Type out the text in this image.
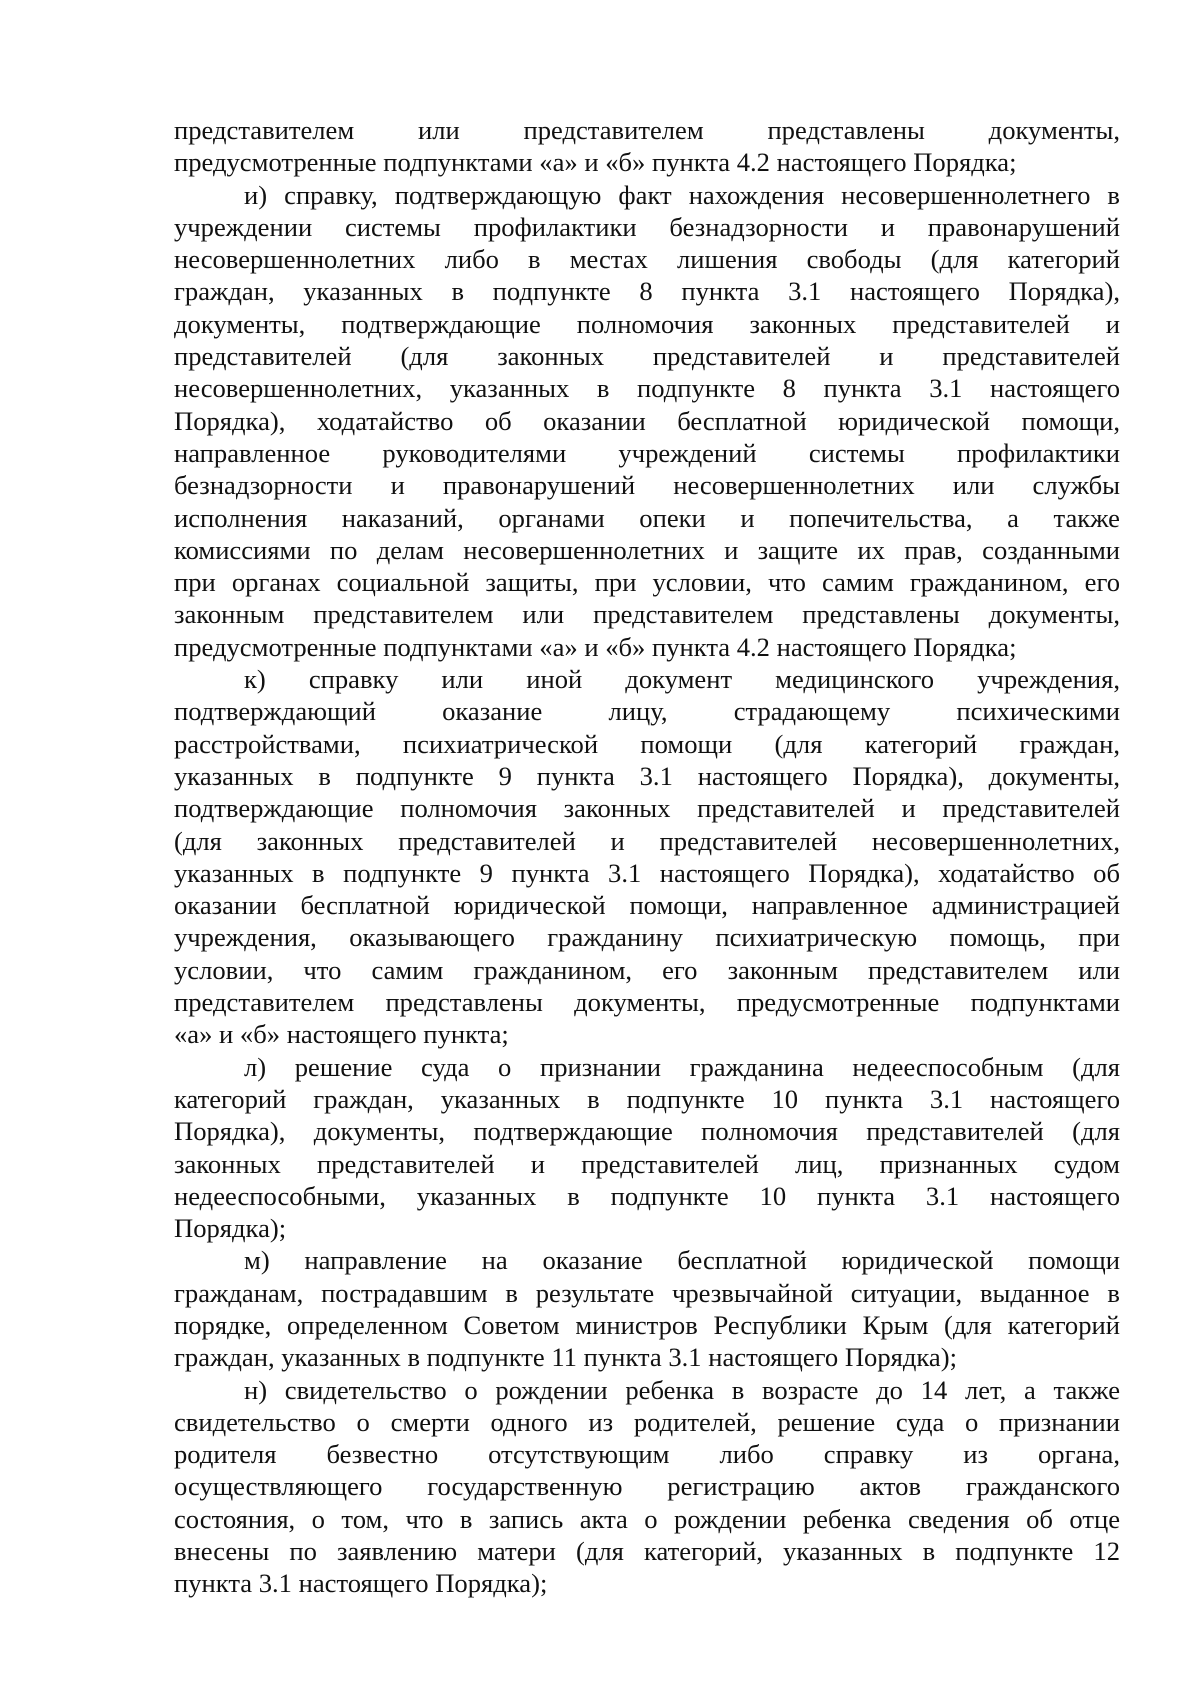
представителем или представителем представлены документы,
предусмотренные подпунктами «а» и «б» пункта 4.2 настоящего Порядка;
и) справку, подтверждающую факт нахождения несовершеннолетнего в
учреждении системы профилактики безнадзорности и правонарушений
несовершеннолетних либо в местах лишения свободы (для категорий
граждан, указанных в подпункте 8 пункта 3.1 настоящего Порядка),
документы, подтверждающие полномочия законных представителей и
представителей (для законных представителей и представителей
несовершеннолетних, указанных в подпункте 8 пункта 3.1 настоящего
Порядка), ходатайство об оказании бесплатной юридической помощи,
направленное руководителями учреждений системы профилактики
безнадзорности и правонарушений несовершеннолетних или службы
исполнения наказаний, органами опеки и попечительства, а также
комиссиями по делам несовершеннолетних и защите их прав, созданными
при органах социальной защиты, при условии, что самим гражданином, его
законным представителем или представителем представлены документы,
предусмотренные подпунктами «а» и «б» пункта 4.2 настоящего Порядка;
к) справку или иной документ медицинского учреждения,
подтверждающий оказание лицу, страдающему психическими
расстройствами, психиатрической помощи (для категорий граждан,
указанных в подпункте 9 пункта 3.1 настоящего Порядка), документы,
подтверждающие полномочия законных представителей и представителей
(для законных представителей и представителей несовершеннолетних,
указанных в подпункте 9 пункта 3.1 настоящего Порядка), ходатайство об
оказании бесплатной юридической помощи, направленное администрацией
учреждения, оказывающего гражданину психиатрическую помощь, при
условии, что самим гражданином, его законным представителем или
представителем представлены документы, предусмотренные подпунктами
«а» и «б» настоящего пункта;
л) решение суда о признании гражданина недееспособным (для
категорий граждан, указанных в подпункте 10 пункта 3.1 настоящего
Порядка), документы, подтверждающие полномочия представителей (для
законных представителей и представителей лиц, признанных судом
недееспособными, указанных в подпункте 10 пункта 3.1 настоящего
Порядка);
м) направление на оказание бесплатной юридической помощи
гражданам, пострадавшим в результате чрезвычайной ситуации, выданное в
порядке, определенном Советом министров Республики Крым (для категорий
граждан, указанных в подпункте 11 пункта 3.1 настоящего Порядка);
н) свидетельство о рождении ребенка в возрасте до 14 лет, а также
свидетельство о смерти одного из родителей, решение суда о признании
родителя безвестно отсутствующим либо справку из органа,
осуществляющего государственную регистрацию актов гражданского
состояния, о том, что в запись акта о рождении ребенка сведения об отце
внесены по заявлению матери (для категорий, указанных в подпункте 12
пункта 3.1 настоящего Порядка);
